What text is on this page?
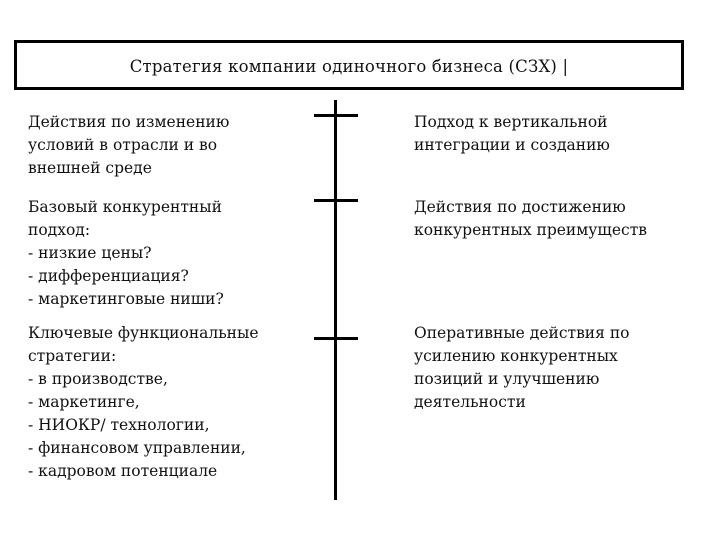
Стратегия компании одиночного бизнеса (СЗХ) |
Действия по изменению
условий в отрасли и во
внешней среде
Базовый конкурентный
подход:
- низкие цены?
- дифференциация?
- маркетинговые ниши?
Ключевые функциональные
стратегии:
- в производстве,
- маркетинге,
- НИОКР/ технологии,
- финансовом управлении,
- кадровом потенциале
Подход к вертикальной
интеграции и созданию
Действия по достижению
конкурентных преимуществ
Оперативные действия по
усилению конкурентных
позиций и улучшению
деятельности
